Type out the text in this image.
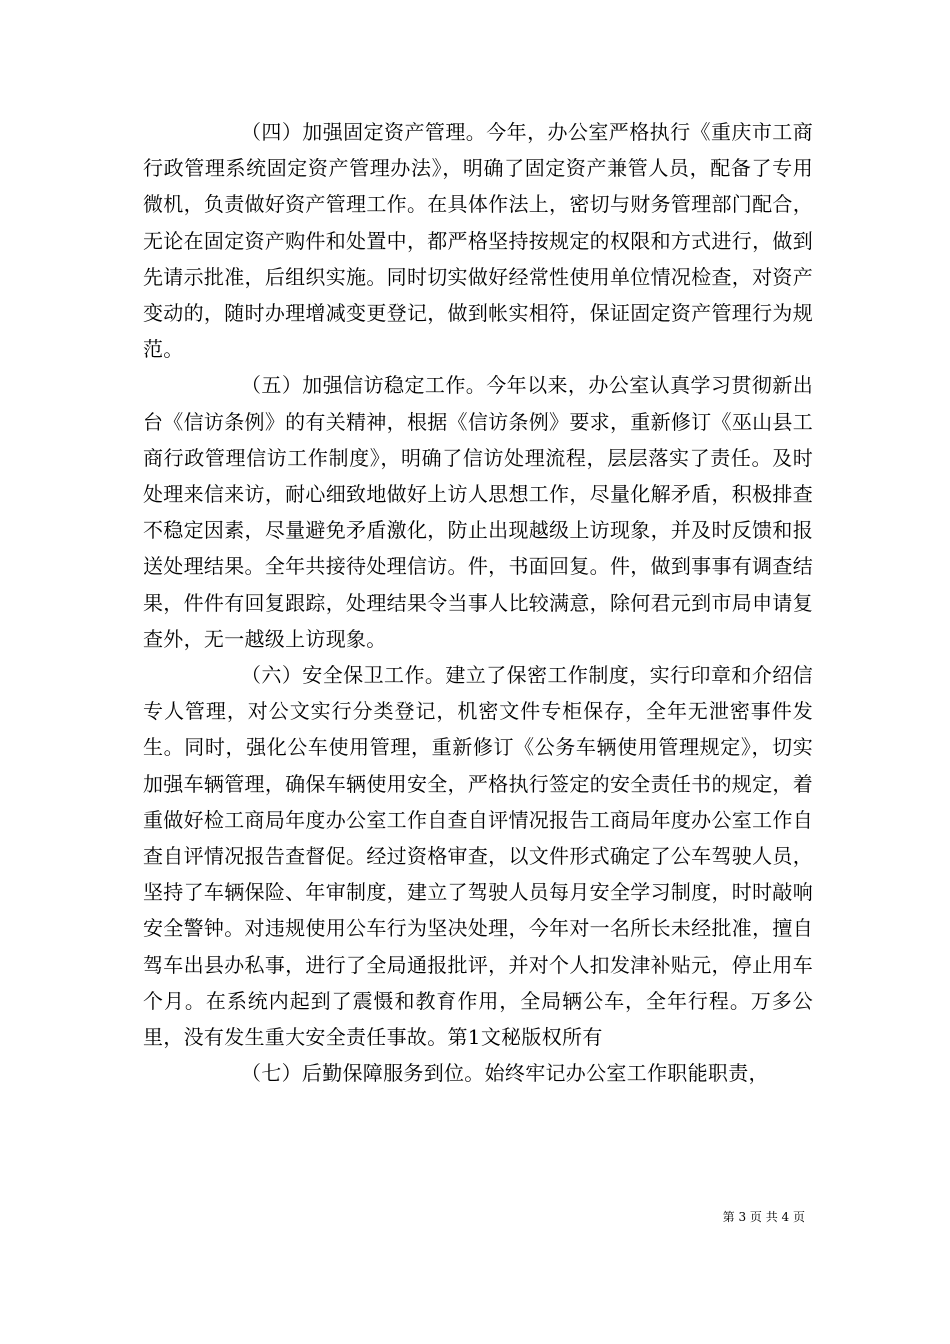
（四）加强固定资产管理。今年，办公室严格执行《重庆市工商行政管理系统固定资产管理办法》，明确了固定资产兼管人员，配备了专用微机，负责做好资产管理工作。在具体作法上，密切与财务管理部门配合，无论在固定资产购件和处置中，都严格坚持按规定的权限和方式进行，做到先请示批准，后组织实施。同时切实做好经常性使用单位情况检查，对资产变动的，随时办理增减变更登记，做到帐实相符，保证固定资产管理行为规范。

（五）加强信访稳定工作。今年以来，办公室认真学习贯彻新出台《信访条例》的有关精神，根据《信访条例》要求，重新修订《巫山县工商行政管理信访工作制度》，明确了信访处理流程，层层落实了责任。及时处理来信来访，耐心细致地做好上访人思想工作，尽量化解矛盾，积极排查不稳定因素，尽量避免矛盾激化，防止出现越级上访现象，并及时反馈和报送处理结果。全年共接待处理信访。件，书面回复。件，做到事事有调查结果，件件有回复跟踪，处理结果令当事人比较满意，除何君元到市局申请复查外，无一越级上访现象。

（六）安全保卫工作。建立了保密工作制度，实行印章和介绍信专人管理，对公文实行分类登记，机密文件专柜保存，全年无泄密事件发生。同时，强化公车使用管理，重新修订《公务车辆使用管理规定》，切实加强车辆管理，确保车辆使用安全，严格执行签定的安全责任书的规定，着重做好检工商局年度办公室工作自查自评情况报告工商局年度办公室工作自查自评情况报告查督促。经过资格审查，以文件形式确定了公车驾驶人员，坚持了车辆保险、年审制度，建立了驾驶人员每月安全学习制度，时时敲响安全警钟。对违规使用公车行为坚决处理，今年对一名所长未经批准，擅自驾车出县办私事，进行了全局通报批评，并对个人扣发津补贴元，停止用车个月。在系统内起到了震慑和教育作用，全局辆公车，全年行程。万多公里，没有发生重大安全责任事故。第1文秘版权所有

（七）后勤保障服务到位。始终牢记办公室工作职能职责，

第 3 页 共 4 页
